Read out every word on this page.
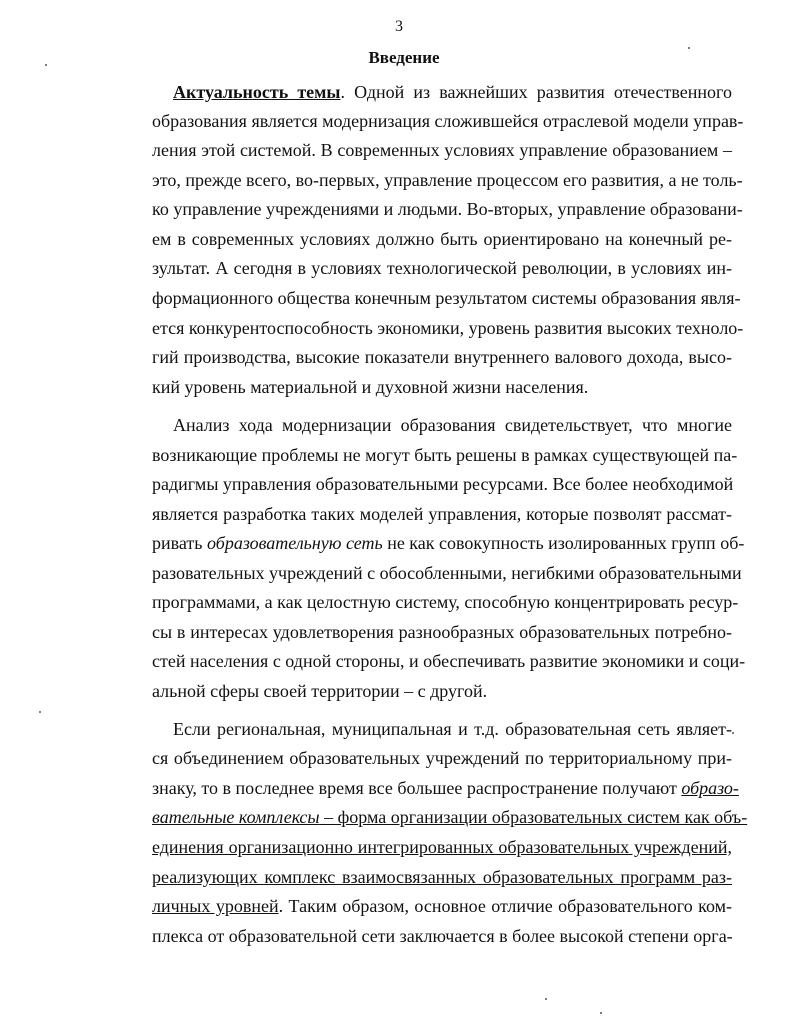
3
Введение
Актуальность темы. Одной из важнейших развития отечественного
образования является модернизация сложившейся отраслевой модели управ-
ления этой системой. В современных условиях управление образованием –
это, прежде всего, во-первых, управление процессом его развития, а не толь-
ко управление учреждениями и людьми. Во-вторых, управление образовани-
ем в современных условиях должно быть ориентировано на конечный ре-
зультат. А сегодня в условиях технологической революции, в условиях ин-
формационного общества конечным результатом системы образования явля-
ется конкурентоспособность экономики, уровень развития высоких техноло-
гий производства, высокие показатели внутреннего валового дохода, высо-
кий уровень материальной и духовной жизни населения.
Анализ хода модернизации образования свидетельствует, что многие
возникающие проблемы не могут быть решены в рамках существующей па-
радигмы управления образовательными ресурсами. Все более необходимой
является разработка таких моделей управления, которые позволят рассмат-
ривать образовательную сеть не как совокупность изолированных групп об-
разовательных учреждений с обособленными, негибкими образовательными
программами, а как целостную систему, способную концентрировать ресур-
сы в интересах удовлетворения разнообразных образовательных потребно-
стей населения с одной стороны, и обеспечивать развитие экономики и соци-
альной сферы своей территории – с другой.
Если региональная, муниципальная и т.д. образовательная сеть являет-
ся объединением образовательных учреждений по территориальному при-
знаку, то в последнее время все большее распространение получают образо-
вательные комплексы – форма организации образовательных систем как объ-
единения организационно интегрированных образовательных учреждений,
реализующих комплекс взаимосвязанных образовательных программ раз-
личных уровней. Таким образом, основное отличие образовательного ком-
плекса от образовательной сети заключается в более высокой степени орга-
